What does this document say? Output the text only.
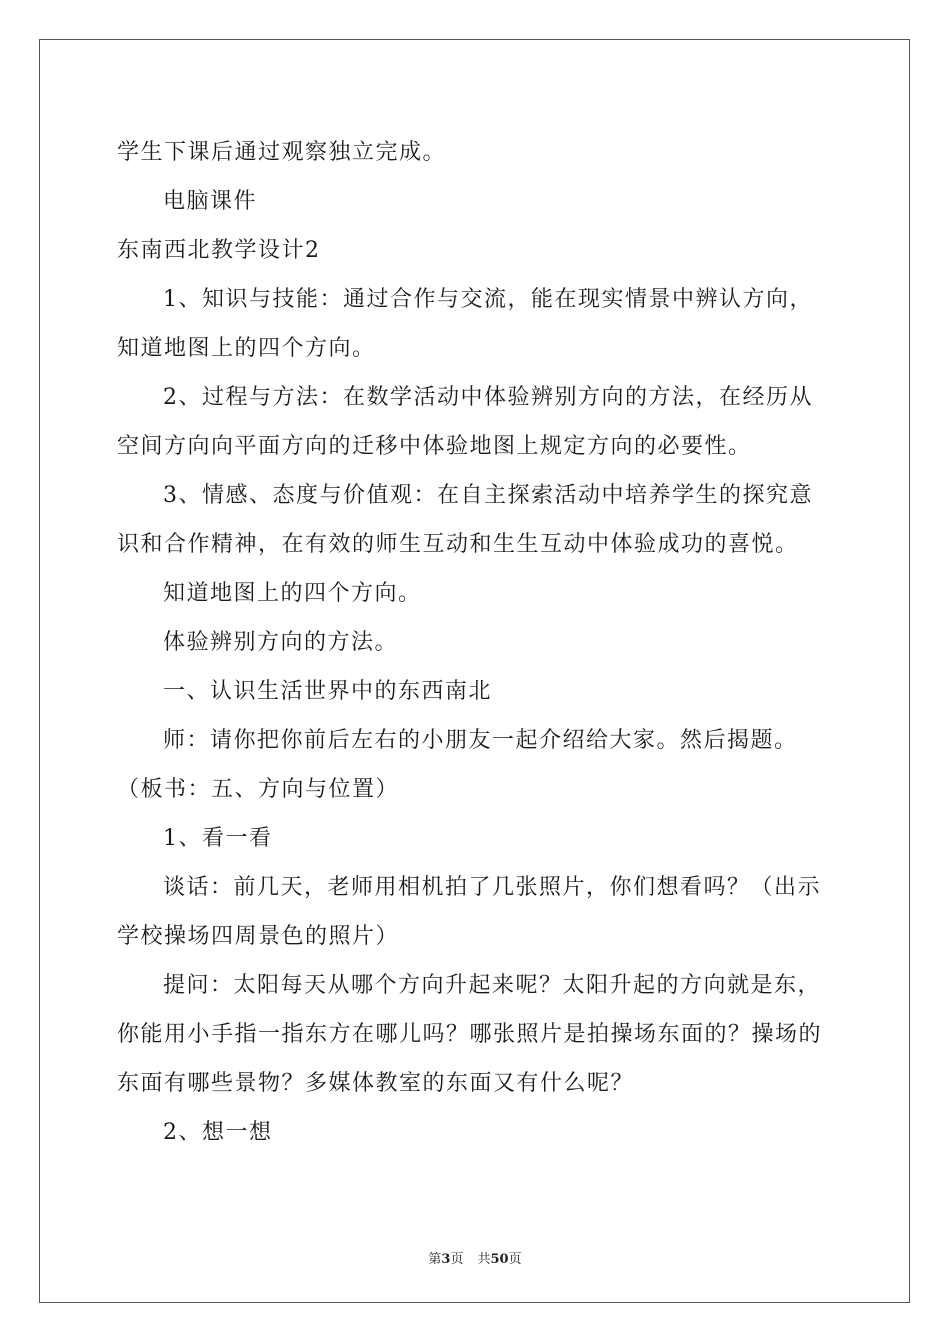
学生下课后通过观察独立完成。
电脑课件
东南西北教学设计2
1、知识与技能：通过合作与交流，能在现实情景中辨认方向，
知道地图上的四个方向。
2、过程与方法：在数学活动中体验辨别方向的方法，在经历从
空间方向向平面方向的迁移中体验地图上规定方向的必要性。
3、情感、态度与价值观：在自主探索活动中培养学生的探究意
识和合作精神，在有效的师生互动和生生互动中体验成功的喜悦。
知道地图上的四个方向。
体验辨别方向的方法。
一、认识生活世界中的东西南北
师：请你把你前后左右的小朋友一起介绍给大家。然后揭题。
（板书：五、方向与位置）
1、看一看
谈话：前几天，老师用相机拍了几张照片，你们想看吗？（出示
学校操场四周景色的照片）
提问：太阳每天从哪个方向升起来呢？太阳升起的方向就是东，
你能用小手指一指东方在哪儿吗？哪张照片是拍操场东面的？操场的
东面有哪些景物？多媒体教室的东面又有什么呢？
2、想一想
第3页 共50页
